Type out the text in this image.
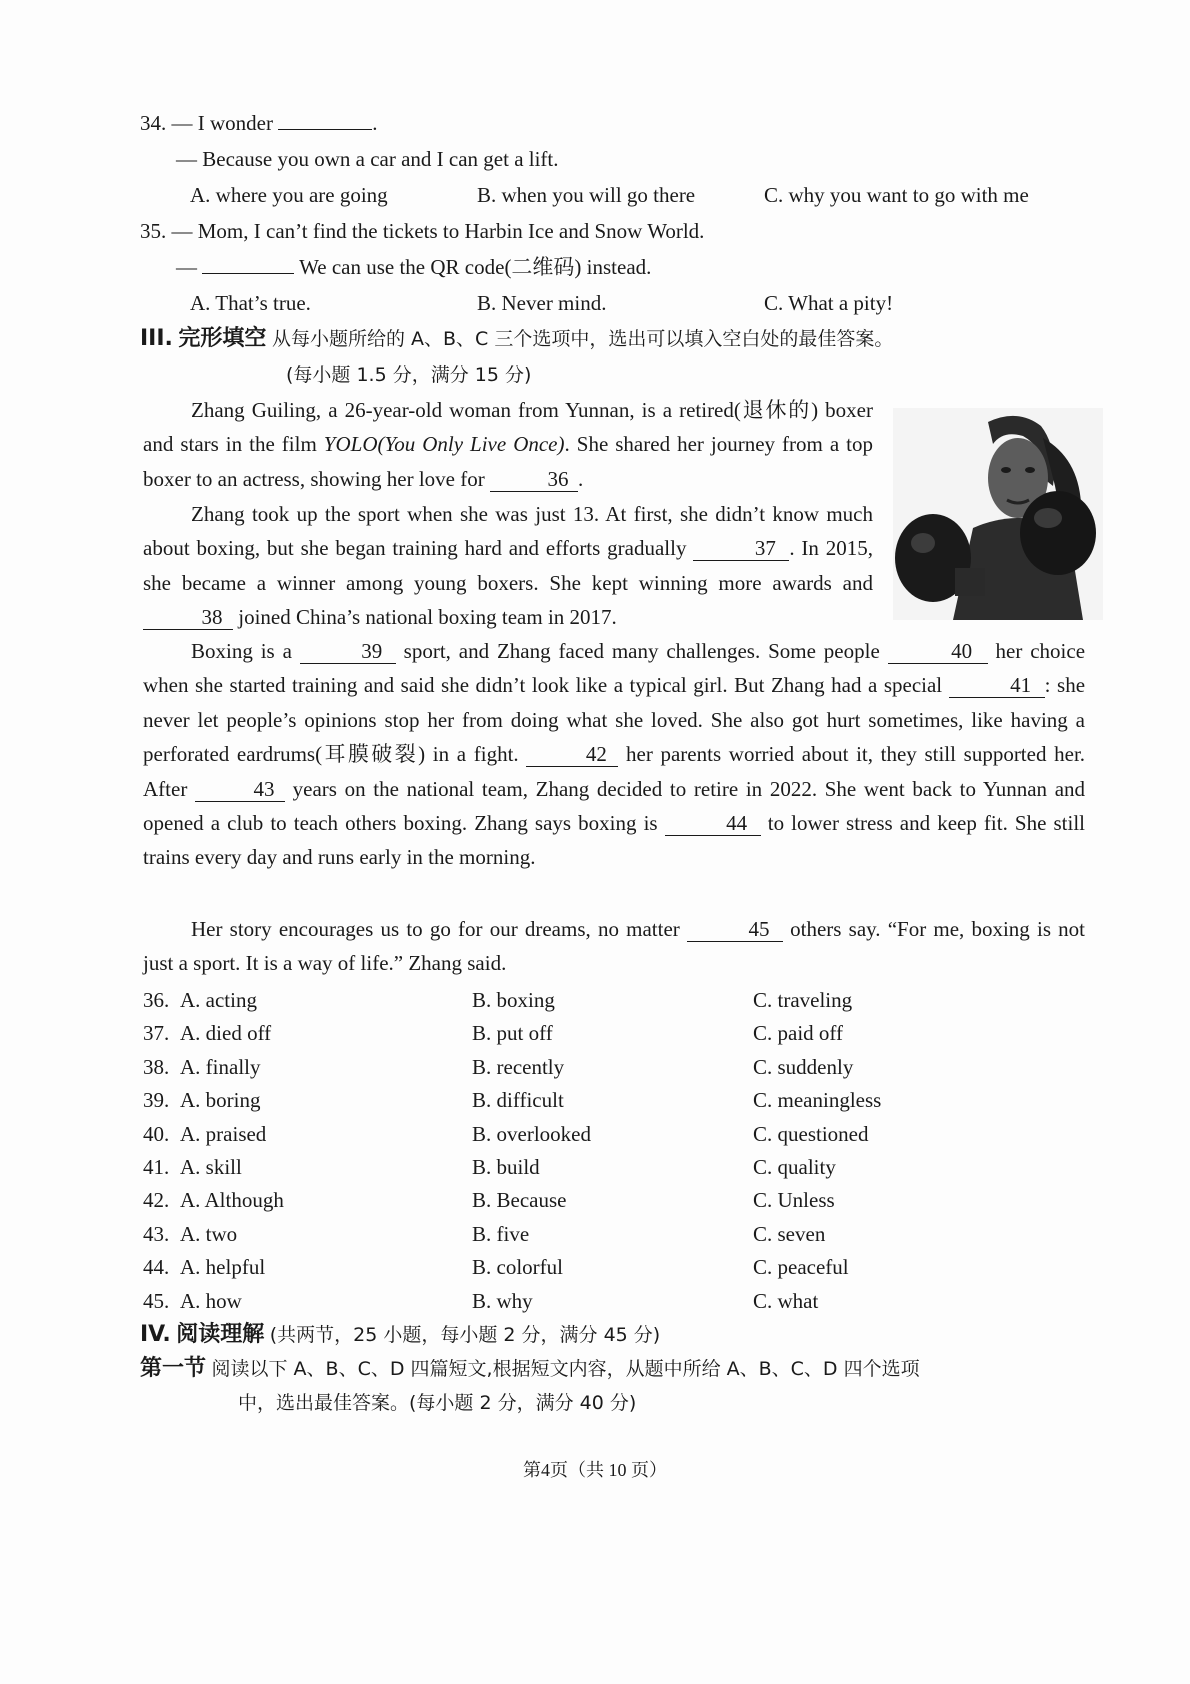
34. — I wonder	.
— Because you own a car and I can get a lift.
A. where you are going	B. when you will go there	C. why you want to go with me
35. — Mom, I can’t find the tickets to Harbin Ice and Snow World.
—	We can use the QR code(二维码) instead.
A. That’s true.	B. Never mind.	C. What a pity!
III. 完形填空 从每小题所给的 A、B、C 三个选项中，选出可以填入空白处的最佳答案。
(每小题 1.5 分，满分 15 分)
Zhang Guiling, a 26-year-old woman from Yunnan, is a retired(退休的) boxer and stars in the film YOLO(You Only Live Once). She shared her journey from a top boxer to an actress, showing her love for	36 .
Zhang took up the sport when she was just 13. At first, she didn’t know much about boxing, but she began training hard and efforts gradually	37 . In 2015, she became a winner among young boxers. She kept winning more awards and 38 joined China’s national boxing team in 2017.
Boxing is a	39 sport, and Zhang faced many challenges. Some people	40 her choice when she started training and said she didn’t look like a typical girl. But Zhang had a special	41 : she never let people’s opinions stop her from doing what she loved. She also got hurt sometimes, like having a perforated eardrums(耳膜破裂) in a fight.	42 her parents worried about it, they still supported her. After	43 years on the national team, Zhang decided to retire in 2022. She went back to Yunnan and opened a club to teach others boxing. Zhang says boxing is	44 to lower stress and keep fit. She still trains every day and runs early in the morning.
Her story encourages us to go for our dreams, no matter	45 others say. “For me, boxing is not just a sport. It is a way of life.” Zhang said.
36. A. acting	B. boxing	C. traveling
37. A. died off	B. put off	C. paid off
38. A. finally	B. recently	C. suddenly
39. A. boring	B. difficult	C. meaningless
40. A. praised	B. overlooked	C. questioned
41. A. skill	B. build	C. quality
42. A. Although	B. Because	C. Unless
43. A. two	B. five	C. seven
44. A. helpful	B. colorful	C. peaceful
45. A. how	B. why	C. what
IV. 阅读理解 (共两节，25 小题，每小题 2 分，满分 45 分)
第一节 阅读以下 A、B、C、D 四篇短文,根据短文内容，从题中所给 A、B、C、D 四个选项
中，选出最佳答案。(每小题 2 分，满分 40 分)
第4页（共 10 页）
